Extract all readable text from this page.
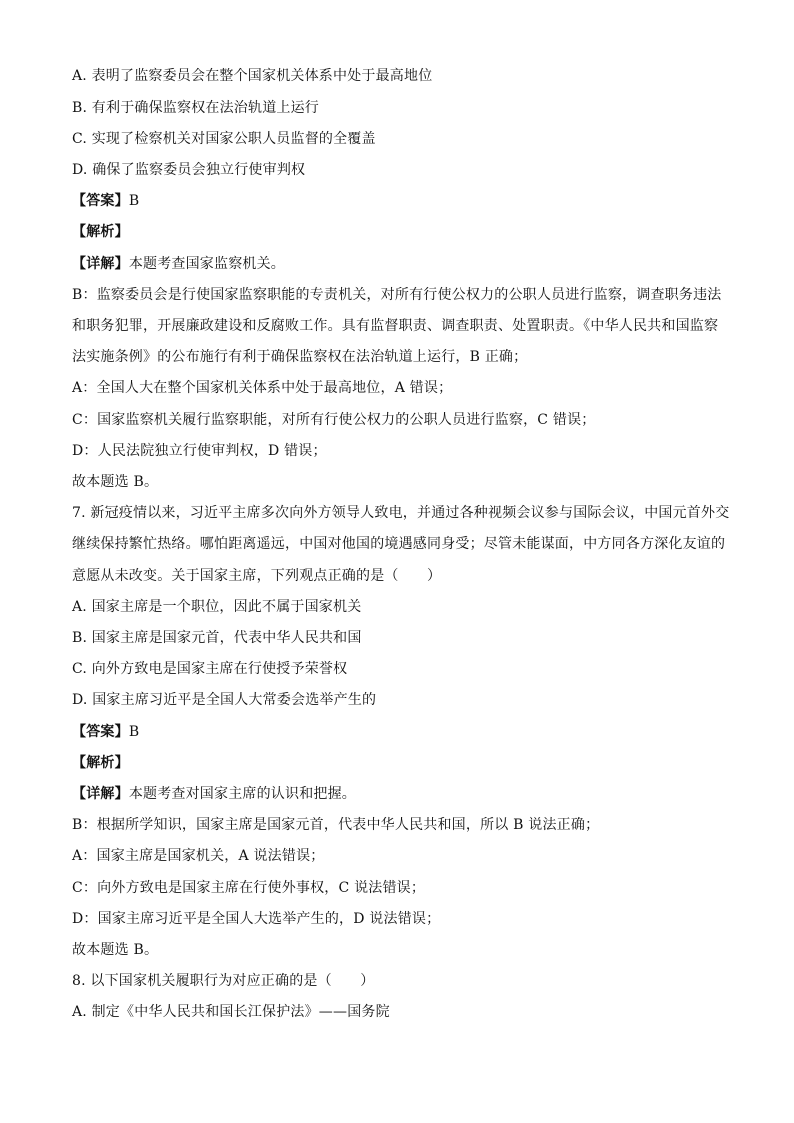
A. 表明了监察委员会在整个国家机关体系中处于最高地位
B. 有利于确保监察权在法治轨道上运行
C. 实现了检察机关对国家公职人员监督的全覆盖
D. 确保了监察委员会独立行使审判权
【答案】B
【解析】
【详解】本题考查国家监察机关。
B：监察委员会是行使国家监察职能的专责机关，对所有行使公权力的公职人员进行监察，调查职务违法
和职务犯罪，开展廉政建设和反腐败工作。具有监督职责、调查职责、处置职责。《中华人民共和国监察
法实施条例》的公布施行有利于确保监察权在法治轨道上运行，B 正确；
A：全国人大在整个国家机关体系中处于最高地位，A 错误；
C：国家监察机关履行监察职能，对所有行使公权力的公职人员进行监察，C 错误；
D：人民法院独立行使审判权，D 错误；
故本题选 B。
7. 新冠疫情以来，习近平主席多次向外方领导人致电，并通过各种视频会议参与国际会议，中国元首外交
继续保持繁忙热络。哪怕距离遥远，中国对他国的境遇感同身受；尽管未能谋面，中方同各方深化友谊的
意愿从未改变。关于国家主席，下列观点正确的是（　　）
A. 国家主席是一个职位，因此不属于国家机关
B. 国家主席是国家元首，代表中华人民共和国
C. 向外方致电是国家主席在行使授予荣誉权
D. 国家主席习近平是全国人大常委会选举产生的
【答案】B
【解析】
【详解】本题考查对国家主席的认识和把握。
B：根据所学知识，国家主席是国家元首，代表中华人民共和国，所以 B 说法正确；
A：国家主席是国家机关，A 说法错误；
C：向外方致电是国家主席在行使外事权，C 说法错误；
D：国家主席习近平是全国人大选举产生的，D 说法错误；
故本题选 B。
8. 以下国家机关履职行为对应正确的是（　　）
A. 制定《中华人民共和国长江保护法》——国务院
